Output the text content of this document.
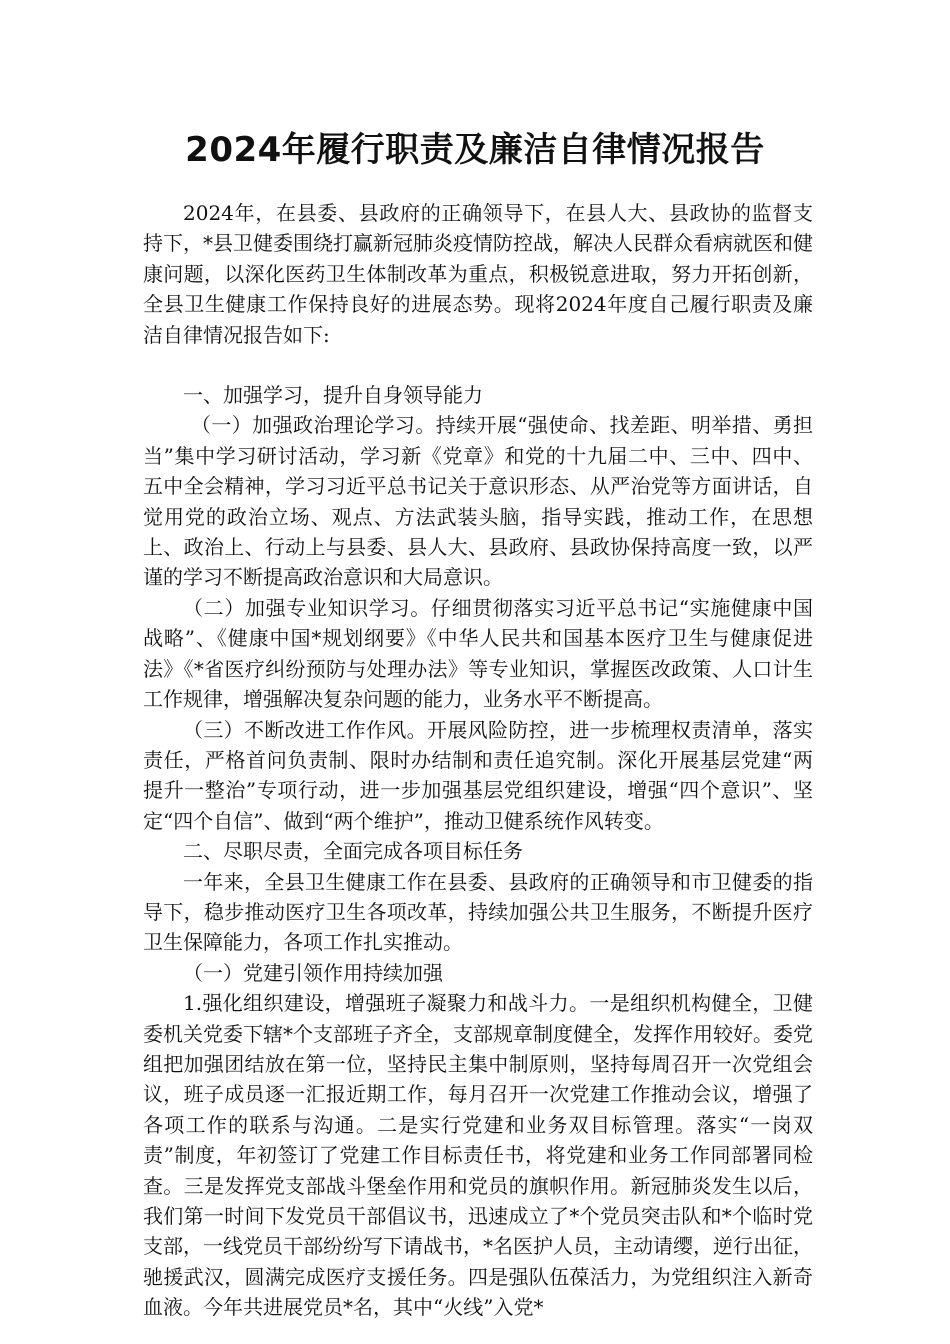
2024年履行职责及廉洁自律情况报告

2024年，在县委、县政府的正确领导下，在县人大、县政协的监督支持下，*县卫健委围绕打赢新冠肺炎疫情防控战，解决人民群众看病就医和健康问题，以深化医药卫生体制改革为重点，积极锐意进取，努力开拓创新，全县卫生健康工作保持良好的进展态势。现将2024年度自己履行职责及廉洁自律情况报告如下:

一、加强学习，提升自身领导能力

（一）加强政治理论学习。持续开展“强使命、找差距、明举措、勇担当”集中学习研讨活动，学习新《党章》和党的十九届二中、三中、四中、五中全会精神，学习习近平总书记关于意识形态、从严治党等方面讲话，自觉用党的政治立场、观点、方法武装头脑，指导实践，推动工作，在思想上、政治上、行动上与县委、县人大、县政府、县政协保持高度一致，以严谨的学习不断提高政治意识和大局意识。

（二）加强专业知识学习。仔细贯彻落实习近平总书记“实施健康中国战略”、《健康中国*规划纲要》《中华人民共和国基本医疗卫生与健康促进法》《*省医疗纠纷预防与处理办法》等专业知识，掌握医改政策、人口计生工作规律，增强解决复杂问题的能力，业务水平不断提高。

（三）不断改进工作作风。开展风险防控，进一步梳理权责清单，落实责任，严格首问负责制、限时办结制和责任追究制。深化开展基层党建“两提升一整治”专项行动，进一步加强基层党组织建设，增强“四个意识”、坚定“四个自信”、做到“两个维护”，推动卫健系统作风转变。

二、尽职尽责，全面完成各项目标任务

一年来，全县卫生健康工作在县委、县政府的正确领导和市卫健委的指导下，稳步推动医疗卫生各项改革，持续加强公共卫生服务，不断提升医疗卫生保障能力，各项工作扎实推动。

（一）党建引领作用持续加强

1.强化组织建设，增强班子凝聚力和战斗力。一是组织机构健全，卫健委机关党委下辖*个支部班子齐全，支部规章制度健全，发挥作用较好。委党组把加强团结放在第一位，坚持民主集中制原则，坚持每周召开一次党组会议，班子成员逐一汇报近期工作，每月召开一次党建工作推动会议，增强了各项工作的联系与沟通。二是实行党建和业务双目标管理。落实“一岗双责”制度，年初签订了党建工作目标责任书，将党建和业务工作同部署同检查。三是发挥党支部战斗堡垒作用和党员的旗帜作用。新冠肺炎发生以后，我们第一时间下发党员干部倡议书，迅速成立了*个党员突击队和*个临时党支部，一线党员干部纷纷写下请战书，*名医护人员，主动请缨，逆行出征，驰援武汉，圆满完成医疗支援任务。四是强队伍葆活力，为党组织注入新奇血液。今年共进展党员*名，其中“火线”入党*
